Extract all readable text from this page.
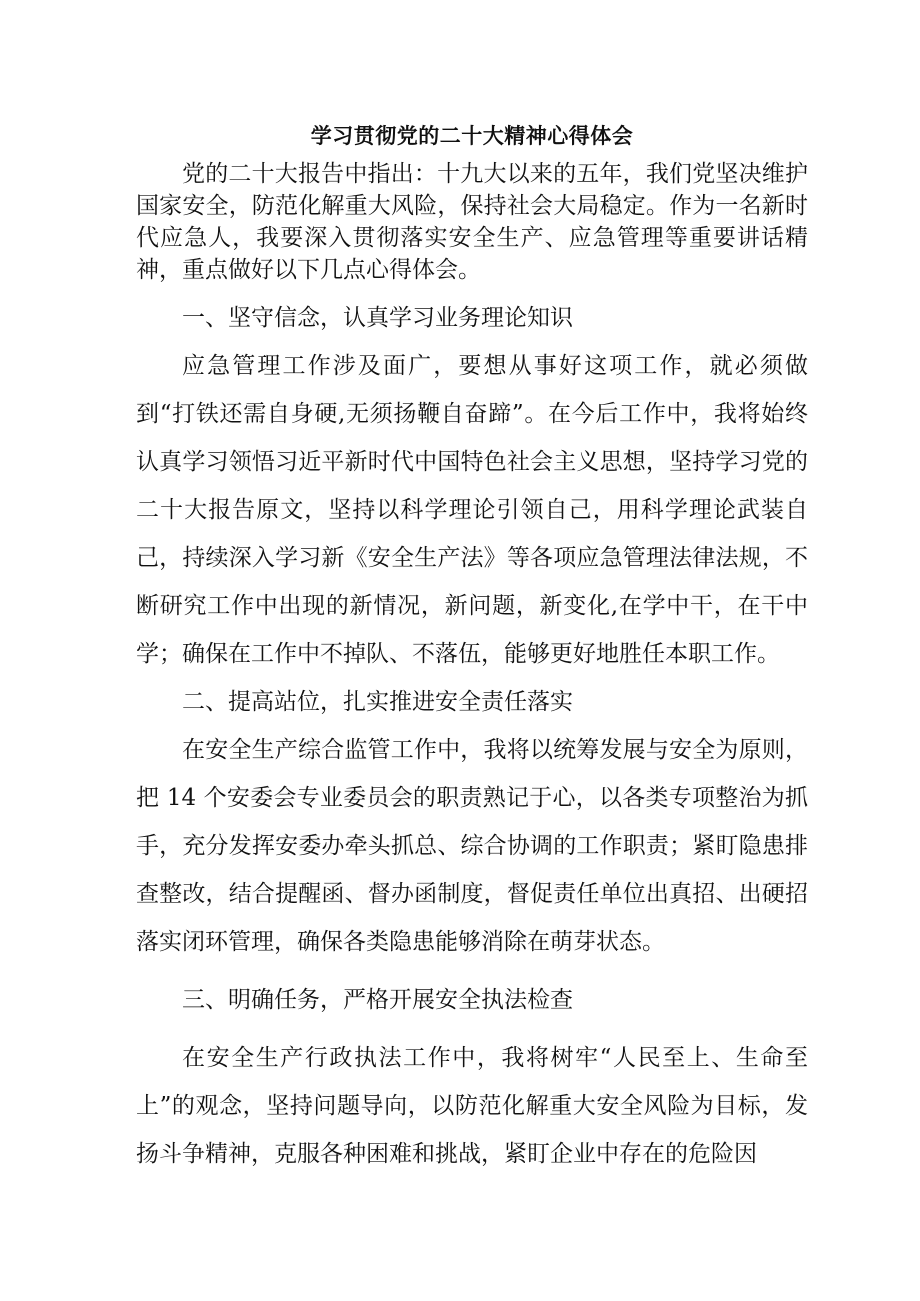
学习贯彻党的二十大精神心得体会

党的二十大报告中指出：十九大以来的五年，我们党坚决维护国家安全，防范化解重大风险，保持社会大局稳定。作为一名新时代应急人，我要深入贯彻落实安全生产、应急管理等重要讲话精神，重点做好以下几点心得体会。

一、坚守信念，认真学习业务理论知识

应急管理工作涉及面广，要想从事好这项工作，就必须做到“打铁还需自身硬,无须扬鞭自奋蹄”。在今后工作中，我将始终认真学习领悟习近平新时代中国特色社会主义思想，坚持学习党的二十大报告原文，坚持以科学理论引领自己，用科学理论武装自己，持续深入学习新《安全生产法》等各项应急管理法律法规，不断研究工作中出现的新情况，新问题，新变化,在学中干，在干中学；确保在工作中不掉队、不落伍，能够更好地胜任本职工作。

二、提高站位，扎实推进安全责任落实

在安全生产综合监管工作中，我将以统筹发展与安全为原则，把 14 个安委会专业委员会的职责熟记于心，以各类专项整治为抓手，充分发挥安委办牵头抓总、综合协调的工作职责；紧盯隐患排查整改，结合提醒函、督办函制度，督促责任单位出真招、出硬招落实闭环管理，确保各类隐患能够消除在萌芽状态。

三、明确任务，严格开展安全执法检查

在安全生产行政执法工作中，我将树牢“人民至上、生命至上”的观念，坚持问题导向，以防范化解重大安全风险为目标，发扬斗争精神，克服各种困难和挑战，紧盯企业中存在的危险因
